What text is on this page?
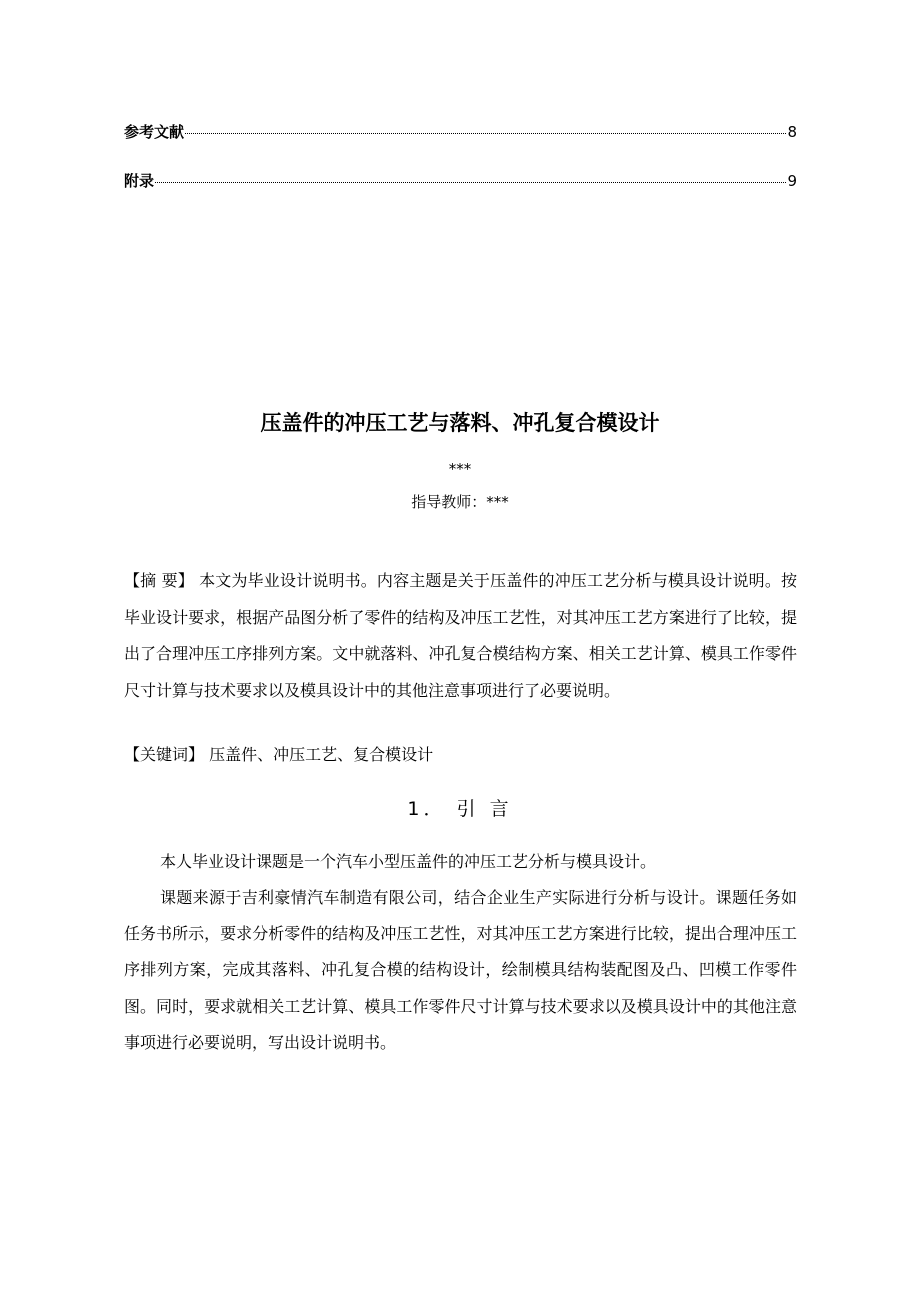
参考文献	8
附录	9
压盖件的冲压工艺与落料、冲孔复合模设计
***
指导教师：***

【摘 要】 本文为毕业设计说明书。内容主题是关于压盖件的冲压工艺分析与模具设计说明。按毕业设计要求，根据产品图分析了零件的结构及冲压工艺性，对其冲压工艺方案进行了比较，提出了合理冲压工序排列方案。文中就落料、冲孔复合模结构方案、相关工艺计算、模具工作零件尺寸计算与技术要求以及模具设计中的其他注意事项进行了必要说明。

【关键词】 压盖件、冲压工艺、复合模设计

1． 引 言

本人毕业设计课题是一个汽车小型压盖件的冲压工艺分析与模具设计。

课题来源于吉利豪情汽车制造有限公司，结合企业生产实际进行分析与设计。课题任务如任务书所示，要求分析零件的结构及冲压工艺性，对其冲压工艺方案进行比较，提出合理冲压工序排列方案，完成其落料、冲孔复合模的结构设计，绘制模具结构装配图及凸、凹模工作零件图。同时，要求就相关工艺计算、模具工作零件尺寸计算与技术要求以及模具设计中的其他注意事项进行必要说明，写出设计说明书。
